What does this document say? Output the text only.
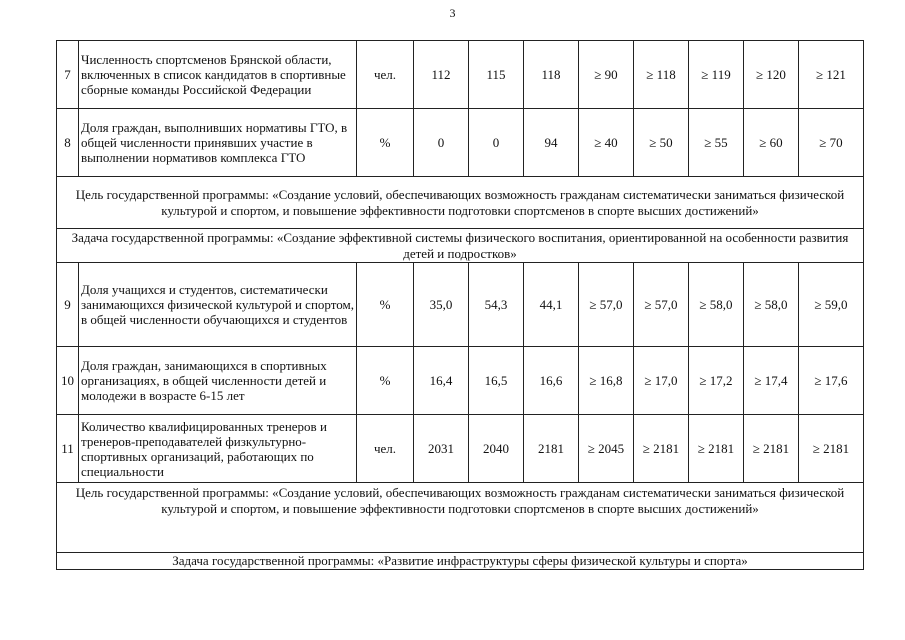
3
7	Численность спортсменов Брянской области, включенных в список кандидатов в спортивные сборные команды Российской Федерации	чел.	112	115	118	≥ 90	≥ 118	≥ 119	≥ 120	≥ 121
8	Доля граждан, выполнивших нормативы ГТО, в общей численности принявших участие в выполнении нормативов комплекса ГТО	%	0	0	94	≥ 40	≥ 50	≥ 55	≥ 60	≥ 70
Цель государственной программы: «Создание условий, обеспечивающих возможность гражданам систематически заниматься физической культурой и спортом, и повышение эффективности подготовки спортсменов в спорте высших достижений»										
Задача государственной программы: «Создание эффективной системы физического воспитания, ориентированной на особенности развития детей и подростков»										
9	Доля учащихся и студентов, систематически занимающихся физической культурой и спортом, в общей численности обучающихся и студентов	%	35,0	54,3	44,1	≥ 57,0	≥ 57,0	≥ 58,0	≥ 58,0	≥ 59,0
10	Доля граждан, занимающихся в спортивных организациях, в общей численности детей и молодежи в возрасте 6-15 лет	%	16,4	16,5	16,6	≥ 16,8	≥ 17,0	≥ 17,2	≥ 17,4	≥ 17,6
11	Количество квалифицированных тренеров и тренеров-преподавателей физкультурно-спортивных организаций, работающих по специальности	чел.	2031	2040	2181	≥ 2045	≥ 2181	≥ 2181	≥ 2181	≥ 2181
Цель государственной программы: «Создание условий, обеспечивающих возможность гражданам систематически заниматься физической культурой и спортом, и повышение эффективности подготовки спортсменов в спорте высших достижений»										
Задача государственной программы: «Развитие инфраструктуры сферы физической культуры и спорта»										
